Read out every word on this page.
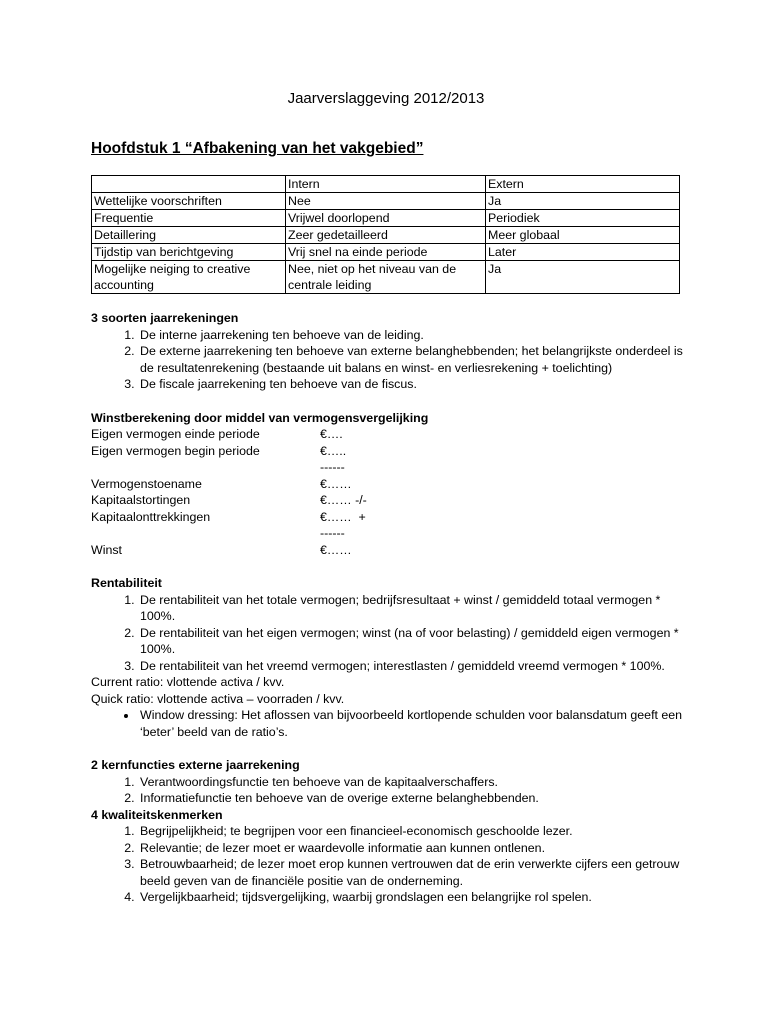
Jaarverslaggeving 2012/2013
Hoofdstuk 1 “Afbakening van het vakgebied”
	Intern	Extern
Wettelijke voorschriften	Nee	Ja
Frequentie	Vrijwel doorlopend	Periodiek
Detaillering	Zeer gedetailleerd	Meer globaal
Tijdstip van berichtgeving	Vrij snel na einde periode	Later
Mogelijke neiging to creative accounting	Nee, niet op het niveau van de centrale leiding	Ja
3 soorten jaarrekeningen
1. De interne jaarrekening ten behoeve van de leiding.
2. De externe jaarrekening ten behoeve van externe belanghebbenden; het belangrijkste onderdeel is de resultatenrekening (bestaande uit balans en winst- en verliesrekening + toelichting)
3. De fiscale jaarrekening ten behoeve van de fiscus.
Winstberekening door middel van vermogensvergelijking
Eigen vermogen einde periode	€….
Eigen vermogen begin periode	€…..
------
Vermogenstoename	€……
Kapitaalstortingen	€…… -/-
Kapitaalonttrekkingen	€……  +
------
Winst	€……
Rentabiliteit
1. De rentabiliteit van het totale vermogen; bedrijfsresultaat + winst / gemiddeld totaal vermogen * 100%.
2. De rentabiliteit van het eigen vermogen; winst (na of voor belasting) / gemiddeld eigen vermogen * 100%.
3. De rentabiliteit van het vreemd vermogen; interestlasten / gemiddeld vreemd vermogen * 100%.
Current ratio: vlottende activa / kvv.
Quick ratio: vlottende activa – voorraden / kvv.
• Window dressing: Het aflossen van bijvoorbeeld kortlopende schulden voor balansdatum geeft een ‘beter’ beeld van de ratio’s.
2 kernfuncties externe jaarrekening
1. Verantwoordingsfunctie ten behoeve van de kapitaalverschaffers.
2. Informatiefunctie ten behoeve van de overige externe belanghebbenden.
4 kwaliteitskenmerken
1. Begrijpelijkheid; te begrijpen voor een financieel-economisch geschoolde lezer.
2. Relevantie; de lezer moet er waardevolle informatie aan kunnen ontlenen.
3. Betrouwbaarheid; de lezer moet erop kunnen vertrouwen dat de erin verwerkte cijfers een getrouw beeld geven van de financiële positie van de onderneming.
4. Vergelijkbaarheid; tijdsvergelijking, waarbij grondslagen een belangrijke rol spelen.
